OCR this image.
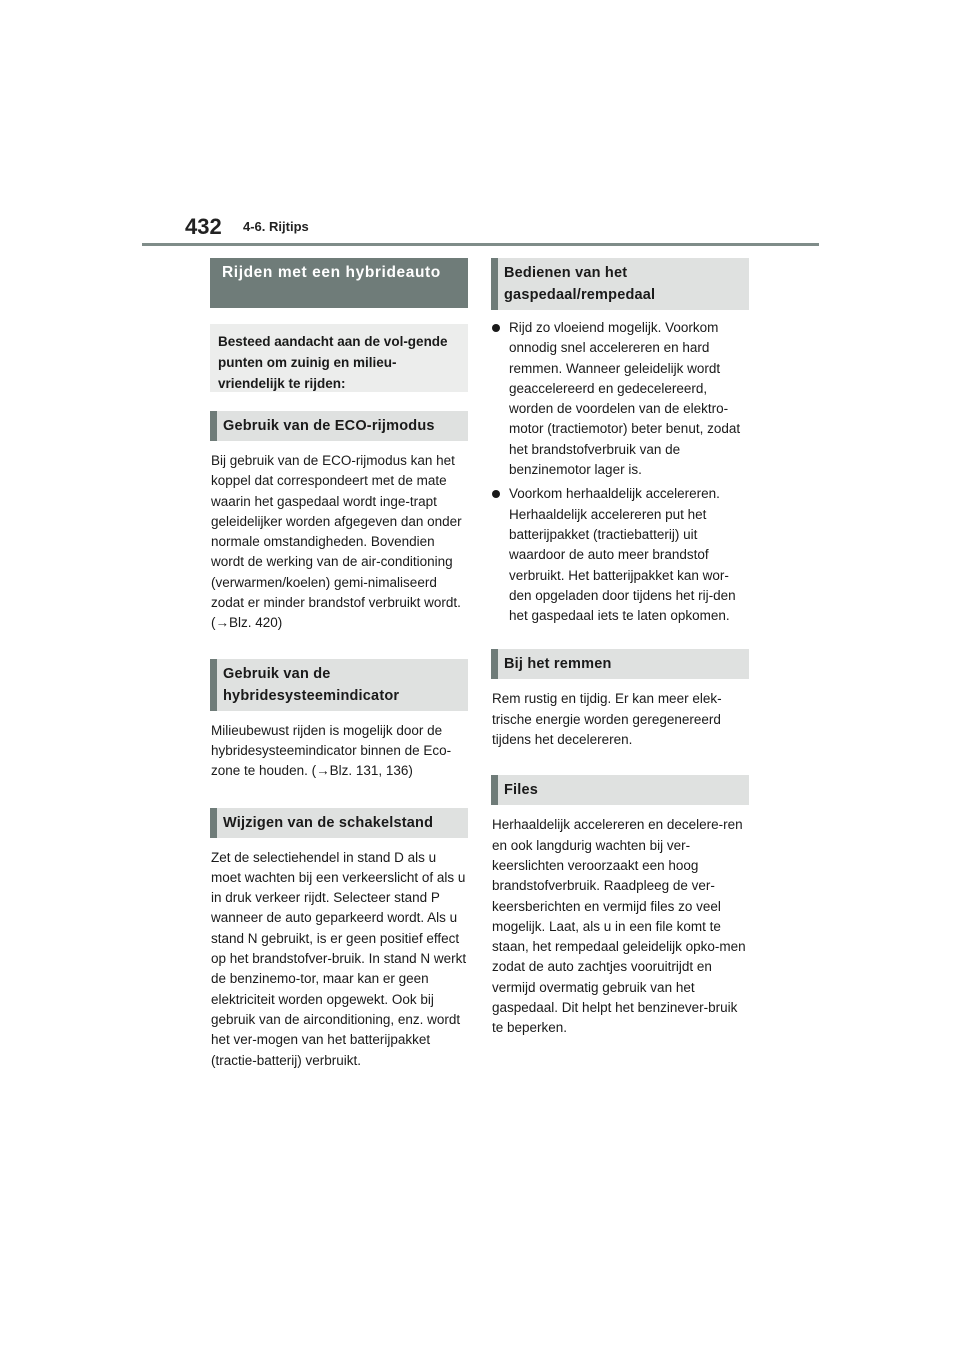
432 4-6. Rijtips
Rijden met een hybrideauto
Besteed aandacht aan de vol-gende punten om zuinig en milieu-vriendelijk te rijden:
Gebruik van de ECO-rijmodus

Bij gebruik van de ECO-rijmodus kan het koppel dat correspondeert met de mate waarin het gaspedaal wordt inge-trapt geleidelijker worden afgegeven dan onder normale omstandigheden. Bovendien wordt de werking van de air-conditioning (verwarmen/koelen) gemi-nimaliseerd zodat er minder brandstof verbruikt wordt. (→Blz. 420)

Gebruik van de hybridesysteemindicator

Milieubewust rijden is mogelijk door de hybridesysteemindicator binnen de Eco-zone te houden. (→Blz. 131, 136)

Wijzigen van de schakelstand

Zet de selectiehendel in stand D als u moet wachten bij een verkeerslicht of als u in druk verkeer rijdt. Selecteer stand P wanneer de auto geparkeerd wordt. Als u stand N gebruikt, is er geen positief effect op het brandstofver-bruik. In stand N werkt de benzinemo-tor, maar kan er geen elektriciteit worden opgewekt. Ook bij gebruik van de airconditioning, enz. wordt het ver-mogen van het batterijpakket (tractie-batterij) verbruikt.

Bedienen van het gaspedaal/rempedaal
Rijd zo vloeiend mogelijk. Voorkom onnodig snel accelereren en hard remmen. Wanneer geleidelijk wordt geaccelereerd en gedecelereerd, worden de voordelen van de elektro-motor (tractiemotor) beter benut, zodat het brandstofverbruik van de benzinemotor lager is.
Voorkom herhaaldelijk accelereren. Herhaaldelijk accelereren put het batterijpakket (tractiebatterij) uit waardoor de auto meer brandstof verbruikt. Het batterijpakket kan wor-den opgeladen door tijdens het rij-den het gaspedaal iets te laten opkomen.
Bij het remmen

Rem rustig en tijdig. Er kan meer elek-trische energie worden geregenereerd tijdens het decelereren.

Files

Herhaaldelijk accelereren en decelere-ren en ook langdurig wachten bij ver-keerslichten veroorzaakt een hoog brandstofverbruik. Raadpleeg de ver-keersberichten en vermijd files zo veel mogelijk. Laat, als u in een file komt te staan, het rempedaal geleidelijk opko-men zodat de auto zachtjes vooruitrijdt en vermijd overmatig gebruik van het gaspedaal. Dit helpt het benzinever-bruik te beperken.
